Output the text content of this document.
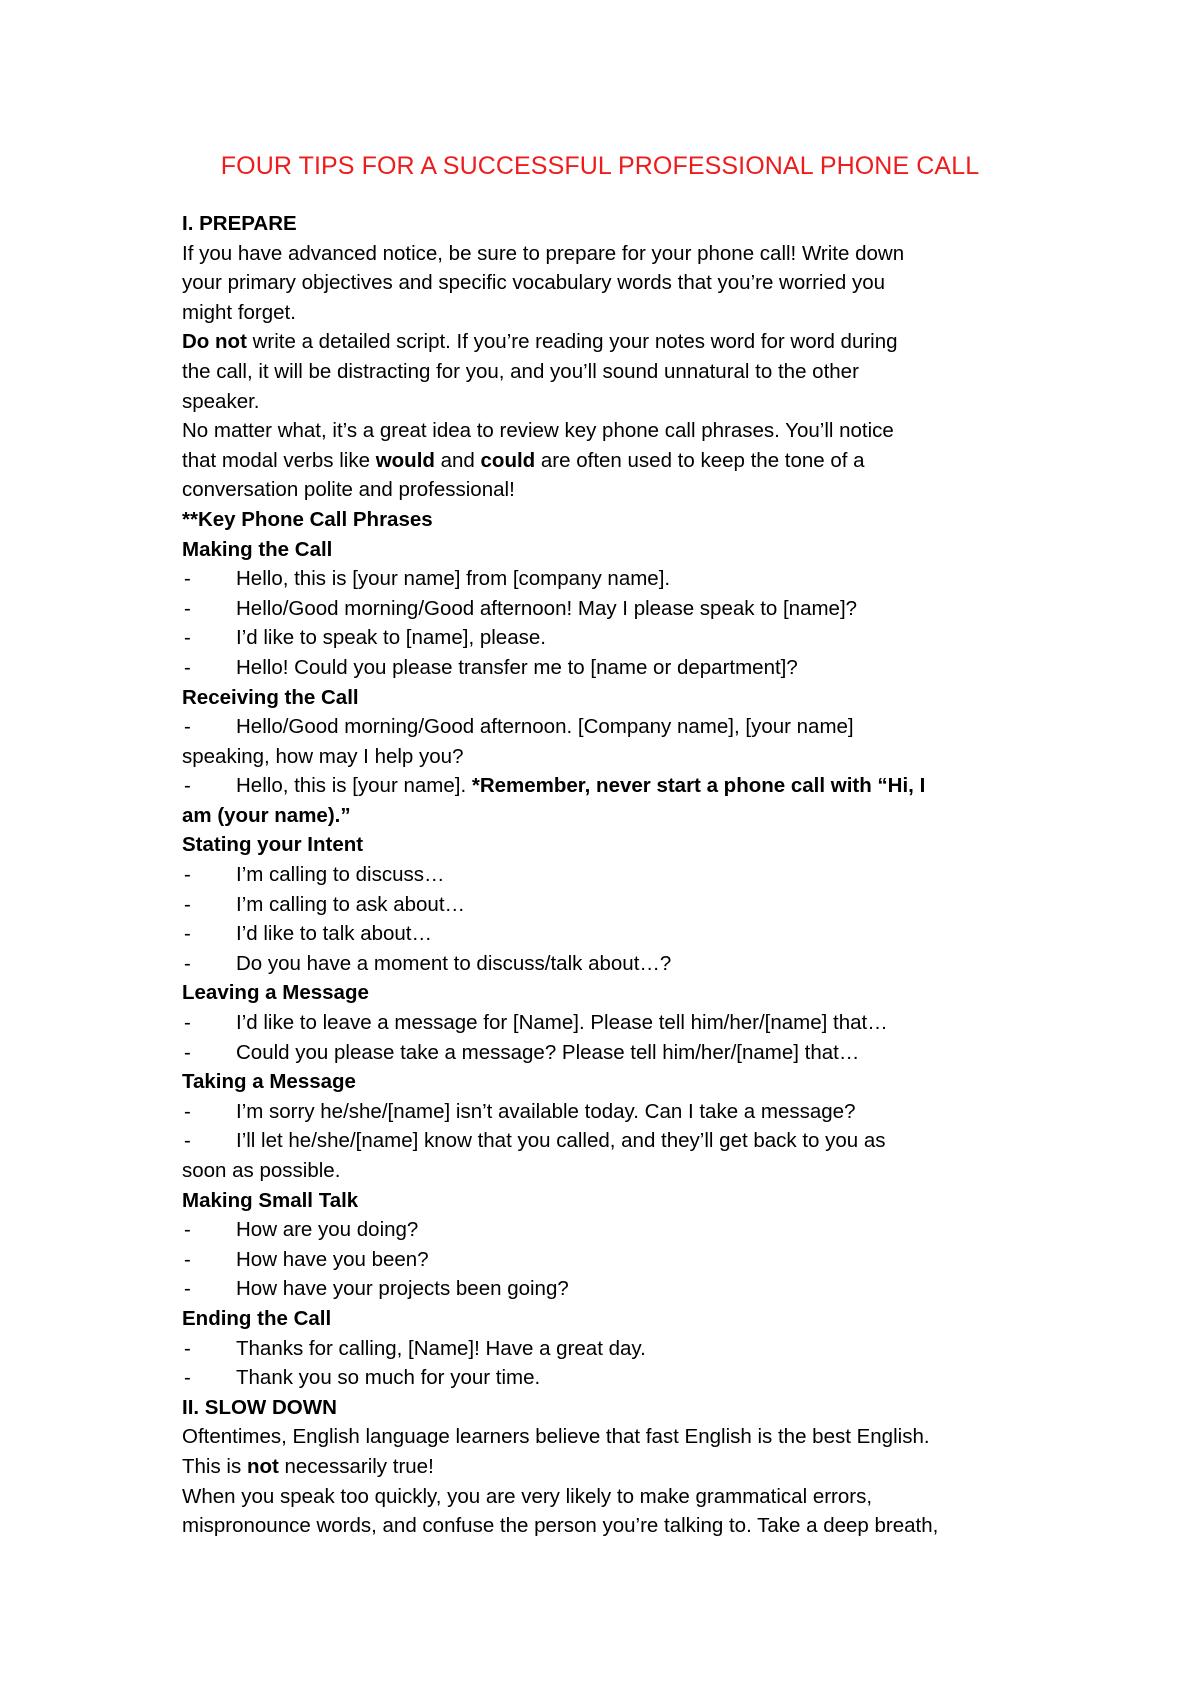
FOUR TIPS FOR A SUCCESSFUL PROFESSIONAL PHONE CALL
I. PREPARE
If you have advanced notice, be sure to prepare for your phone call! Write down
your primary objectives and specific vocabulary words that you’re worried you
might forget.
Do not write a detailed script. If you’re reading your notes word for word during
the call, it will be distracting for you, and you’ll sound unnatural to the other
speaker.
No matter what, it’s a great idea to review key phone call phrases. You’ll notice
that modal verbs like would and could are often used to keep the tone of a
conversation polite and professional!
**Key Phone Call Phrases
Making the Call
- Hello, this is [your name] from [company name].
- Hello/Good morning/Good afternoon! May I please speak to [name]?
- I’d like to speak to [name], please.
- Hello! Could you please transfer me to [name or department]?
Receiving the Call
- Hello/Good morning/Good afternoon. [Company name], [your name]
speaking, how may I help you?
- Hello, this is [your name]. *Remember, never start a phone call with “Hi, I
am (your name).”
Stating your Intent
- I’m calling to discuss…
- I’m calling to ask about…
- I’d like to talk about…
- Do you have a moment to discuss/talk about…?
Leaving a Message
- I’d like to leave a message for [Name]. Please tell him/her/[name] that…
- Could you please take a message? Please tell him/her/[name] that…
Taking a Message
- I’m sorry he/she/[name] isn’t available today. Can I take a message?
- I’ll let he/she/[name] know that you called, and they’ll get back to you as
soon as possible.
Making Small Talk
- How are you doing?
- How have you been?
- How have your projects been going?
Ending the Call
- Thanks for calling, [Name]! Have a great day.
- Thank you so much for your time.
II. SLOW DOWN
Oftentimes, English language learners believe that fast English is the best English.
This is not necessarily true!
When you speak too quickly, you are very likely to make grammatical errors,
mispronounce words, and confuse the person you’re talking to. Take a deep breath,
